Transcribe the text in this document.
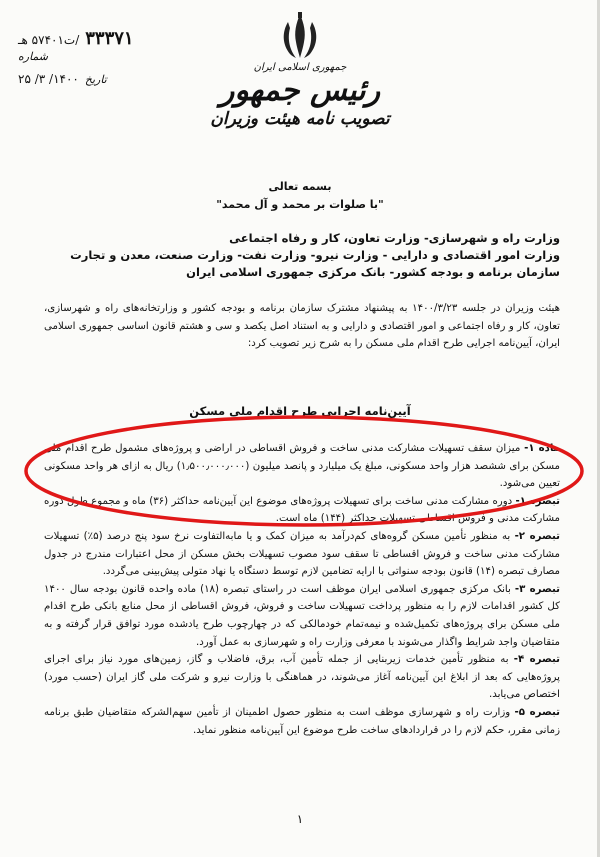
۳۳۳۷۱
/ت۵۷۴۰۱ هـ
شماره
تاریخ
۱۴۰۰/ ۳/ ۲۵
جمهوری اسلامی ایران
رئیس جمهور
تصویب نامه هیئت وزیران
بسمه تعالی
"با صلوات بر محمد و آل محمد"
وزارت راه و شهرسازی- وزارت تعاون، کار و رفاه اجتماعی
وزارت امور اقتصادی و دارایی - وزارت نیرو- وزارت نفت- وزارت صنعت، معدن و تجارت
سازمان برنامه و بودجه کشور- بانک مرکزی جمهوری اسلامی ایران
هیئت وزیران در جلسه ۱۴۰۰/۳/۲۳ به پیشنهاد مشترک سازمان برنامه و بودجه کشور و وزارتخانه‌های راه و شهرسازی، تعاون، کار و رفاه اجتماعی و امور اقتصادی و دارایی و به استناد اصل یکصد و سی و هشتم قانون اساسی جمهوری اسلامی ایران، آیین‌نامه اجرایی طرح اقدام ملی مسکن را به شرح زیر تصویب کرد:
آیین‌نامه اجرایی طرح اقدام ملی مسکن
ماده ۱- میزان سقف تسهیلات مشارکت مدنی ساخت و فروش اقساطی در اراضی و پروژه‌های مشمول طرح اقدام ملی مسکن برای ششصد هزار واحد مسکونی، مبلغ یک میلیارد و پانصد میلیون (۱٫۵۰۰٫۰۰۰٫۰۰۰) ریال به ازای هر واحد مسکونی تعیین می‌شود.
تبصره ۱- دوره مشارکت مدنی ساخت برای تسهیلات پروژه‌های موضوع این آیین‌نامه حداکثر (۳۶) ماه و مجموع طول دوره مشارکت مدنی و فروش اقساطی تسهیلات حداکثر (۱۴۴) ماه است.
تبصره ۲- به منظور تأمین مسکن گروه‌های کم‌درآمد به میزان کمک و یا مابه‌التفاوت نرخ سود پنج درصد (۵٪) تسهیلات مشارکت مدنی ساخت و فروش اقساطی تا سقف سود مصوب تسهیلات بخش مسکن از محل اعتبارات مندرج در جدول مصارف تبصره (۱۴) قانون بودجه سنواتی با ارایه تضامین لازم توسط دستگاه یا نهاد متولی پیش‌بینی می‌گردد.
تبصره ۳- بانک مرکزی جمهوری اسلامی ایران موظف است در راستای تبصره (۱۸) ماده واحده قانون بودجه سال ۱۴۰۰ کل کشور اقدامات لازم را به منظور پرداخت تسهیلات ساخت و فروش، فروش اقساطی از محل منابع بانکی طرح اقدام ملی مسکن برای پروژه‌های تکمیل‌شده و نیمه‌تمام خودمالکی که در چهارچوب طرح یادشده مورد توافق قرار گرفته و به متقاضیان واجد شرایط واگذار می‌شوند با معرفی وزارت راه و شهرسازی به عمل آورد.
تبصره ۴- به منظور تأمین خدمات زیربنایی از جمله تأمین آب، برق، فاضلاب و گاز، زمین‌های مورد نیاز برای اجرای پروژه‌هایی که بعد از ابلاغ این آیین‌نامه آغاز می‌شوند، در هماهنگی با وزارت نیرو و شرکت ملی گاز ایران (حسب مورد) اختصاص می‌یابد.
تبصره ۵- وزارت راه و شهرسازی موظف است به منظور حصول اطمینان از تأمین سهم‌الشرکه متقاضیان طبق برنامه زمانی مقرر، حکم لازم را در قراردادهای ساخت طرح موضوع این آیین‌نامه منظور نماید.
۱
